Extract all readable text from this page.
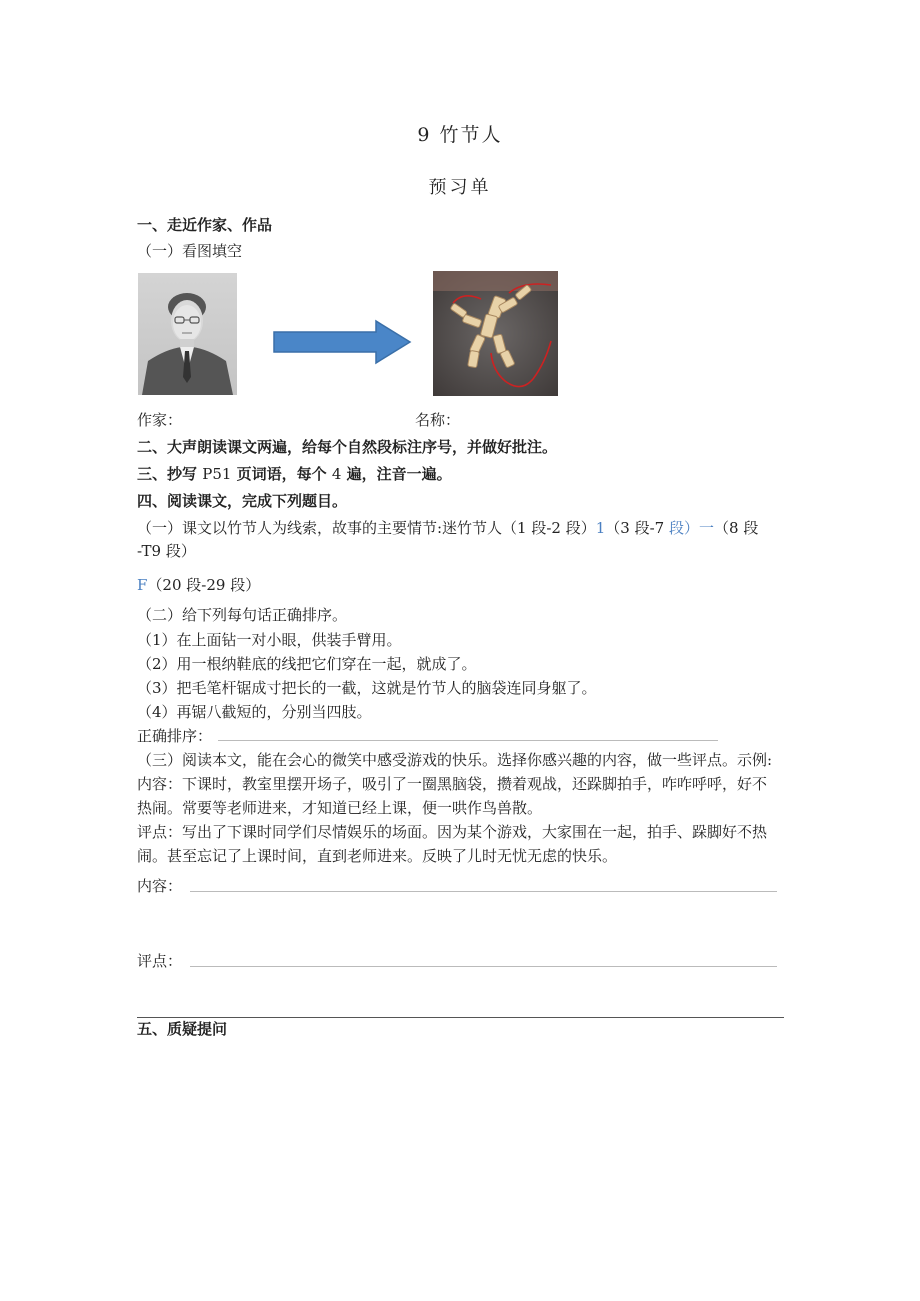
9 竹节人
预习单
一、走近作家、作品
（一）看图填空
作家：	名称：
二、大声朗读课文两遍，给每个自然段标注序号，并做好批注。
三、抄写 P51 页词语，每个 4 遍，注音一遍。
四、阅读课文，完成下列题目。
（一）课文以竹节人为线索，故事的主要情节:迷竹节人（1 段-2 段）1（3 段-7 段）一（8 段
-T9 段）
F（20 段-29 段）
（二）给下列每句话正确排序。
（1）在上面钻一对小眼，供装手臂用。
（2）用一根纳鞋底的线把它们穿在一起，就成了。
（3）把毛笔杆锯成寸把长的一截，这就是竹节人的脑袋连同身躯了。
（4）再锯八截短的，分别当四肢。
正确排序：
（三）阅读本文，能在会心的微笑中感受游戏的快乐。选择你感兴趣的内容，做一些评点。示例:
内容：下课时，教室里摆开场子，吸引了一圈黑脑袋，攒着观战，还跺脚拍手，咋咋呼呼，好不
热闹。常要等老师进来，才知道已经上课，便一哄作鸟兽散。
评点：写出了下课时同学们尽情娱乐的场面。因为某个游戏，大家围在一起，拍手、跺脚好不热
闹。甚至忘记了上课时间，直到老师进来。反映了儿时无忧无虑的快乐。
内容：
评点：
五、质疑提问
